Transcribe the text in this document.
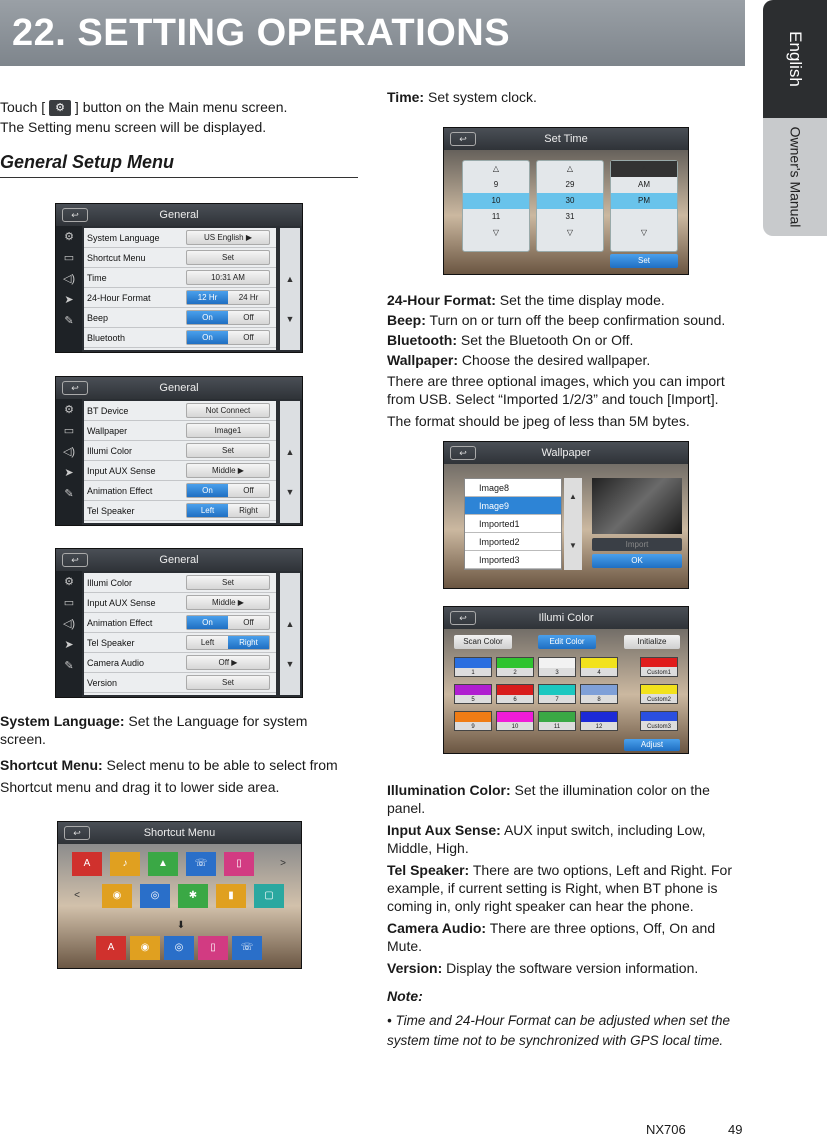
22. SETTING OPERATIONS	English
Owner's Manual

Touch [ ⚙ ] button on the Main menu screen.

The Setting menu screen will be displayed.

General Setup Menu
General
↩
⚙
▭
◁)
➤
✎
System Language	US English ▶
Shortcut Menu	Set
Time	10:31 AM
24-Hour Format	12 Hr	24 Hr
Beep	On	Off
Bluetooth	On	Off
▲
▼
General
↩
⚙
▭
◁)
➤
✎
BT Device	Not Connect
Wallpaper	Image1
Illumi Color	Set
Input AUX Sense	Middle ▶
Animation Effect	On	Off
Tel Speaker	Left	Right
▲
▼
General
↩
⚙
▭
◁)
➤
✎
Illumi Color	Set
Input AUX Sense	Middle ▶
Animation Effect	On	Off
Tel Speaker	Left	Right
Camera Audio	Off ▶
Version	Set
▲
▼

System Language: Set the Language for system screen.

Shortcut Menu: Select menu to be able to select from Shortcut menu and drag it to lower side area.

Shortcut Menu
↩
A	♪	▲	☏	▯
<
>
◉	◎	✱	▮	▢
⬇
A	◉	◎	▯	☏

Time: Set system clock.

Set Time
↩
△
9
10
11
▽
△
29
30
31
▽
△
AM
PM
▽
Set

24-Hour Format: Set the time display mode.

Beep: Turn on or turn off the beep confirmation sound.

Bluetooth: Set the Bluetooth On or Off.

Wallpaper: Choose the desired wallpaper.

There are three optional images, which you can import from USB. Select “Imported 1/2/3” and touch [Import].

The format should be jpeg of less than 5M bytes.

Wallpaper
↩
Image8
Image9
Imported1
Imported2
Imported3
▲
▼	Import
OK
Illumi Color
↩
Scan Color	Edit Color	Initialize
Adjust
1	2	3	4
5	6	7	8
9	10	11	12
Custom1
Custom2
Custom3

Illumination Color: Set the illumination color on the panel.

Input Aux Sense: AUX input switch, including Low, Middle, High.

Tel Speaker: There are two options, Left and Right. For example, if current setting is Right, when BT phone is coming in, only right speaker can hear the phone.

Camera Audio: There are three options, Off, On and Mute.

Version: Display the software version information.

Note:

• Time and 24-Hour Format can be adjusted when set the system time not to be synchronized with GPS local time.

NX706	49
